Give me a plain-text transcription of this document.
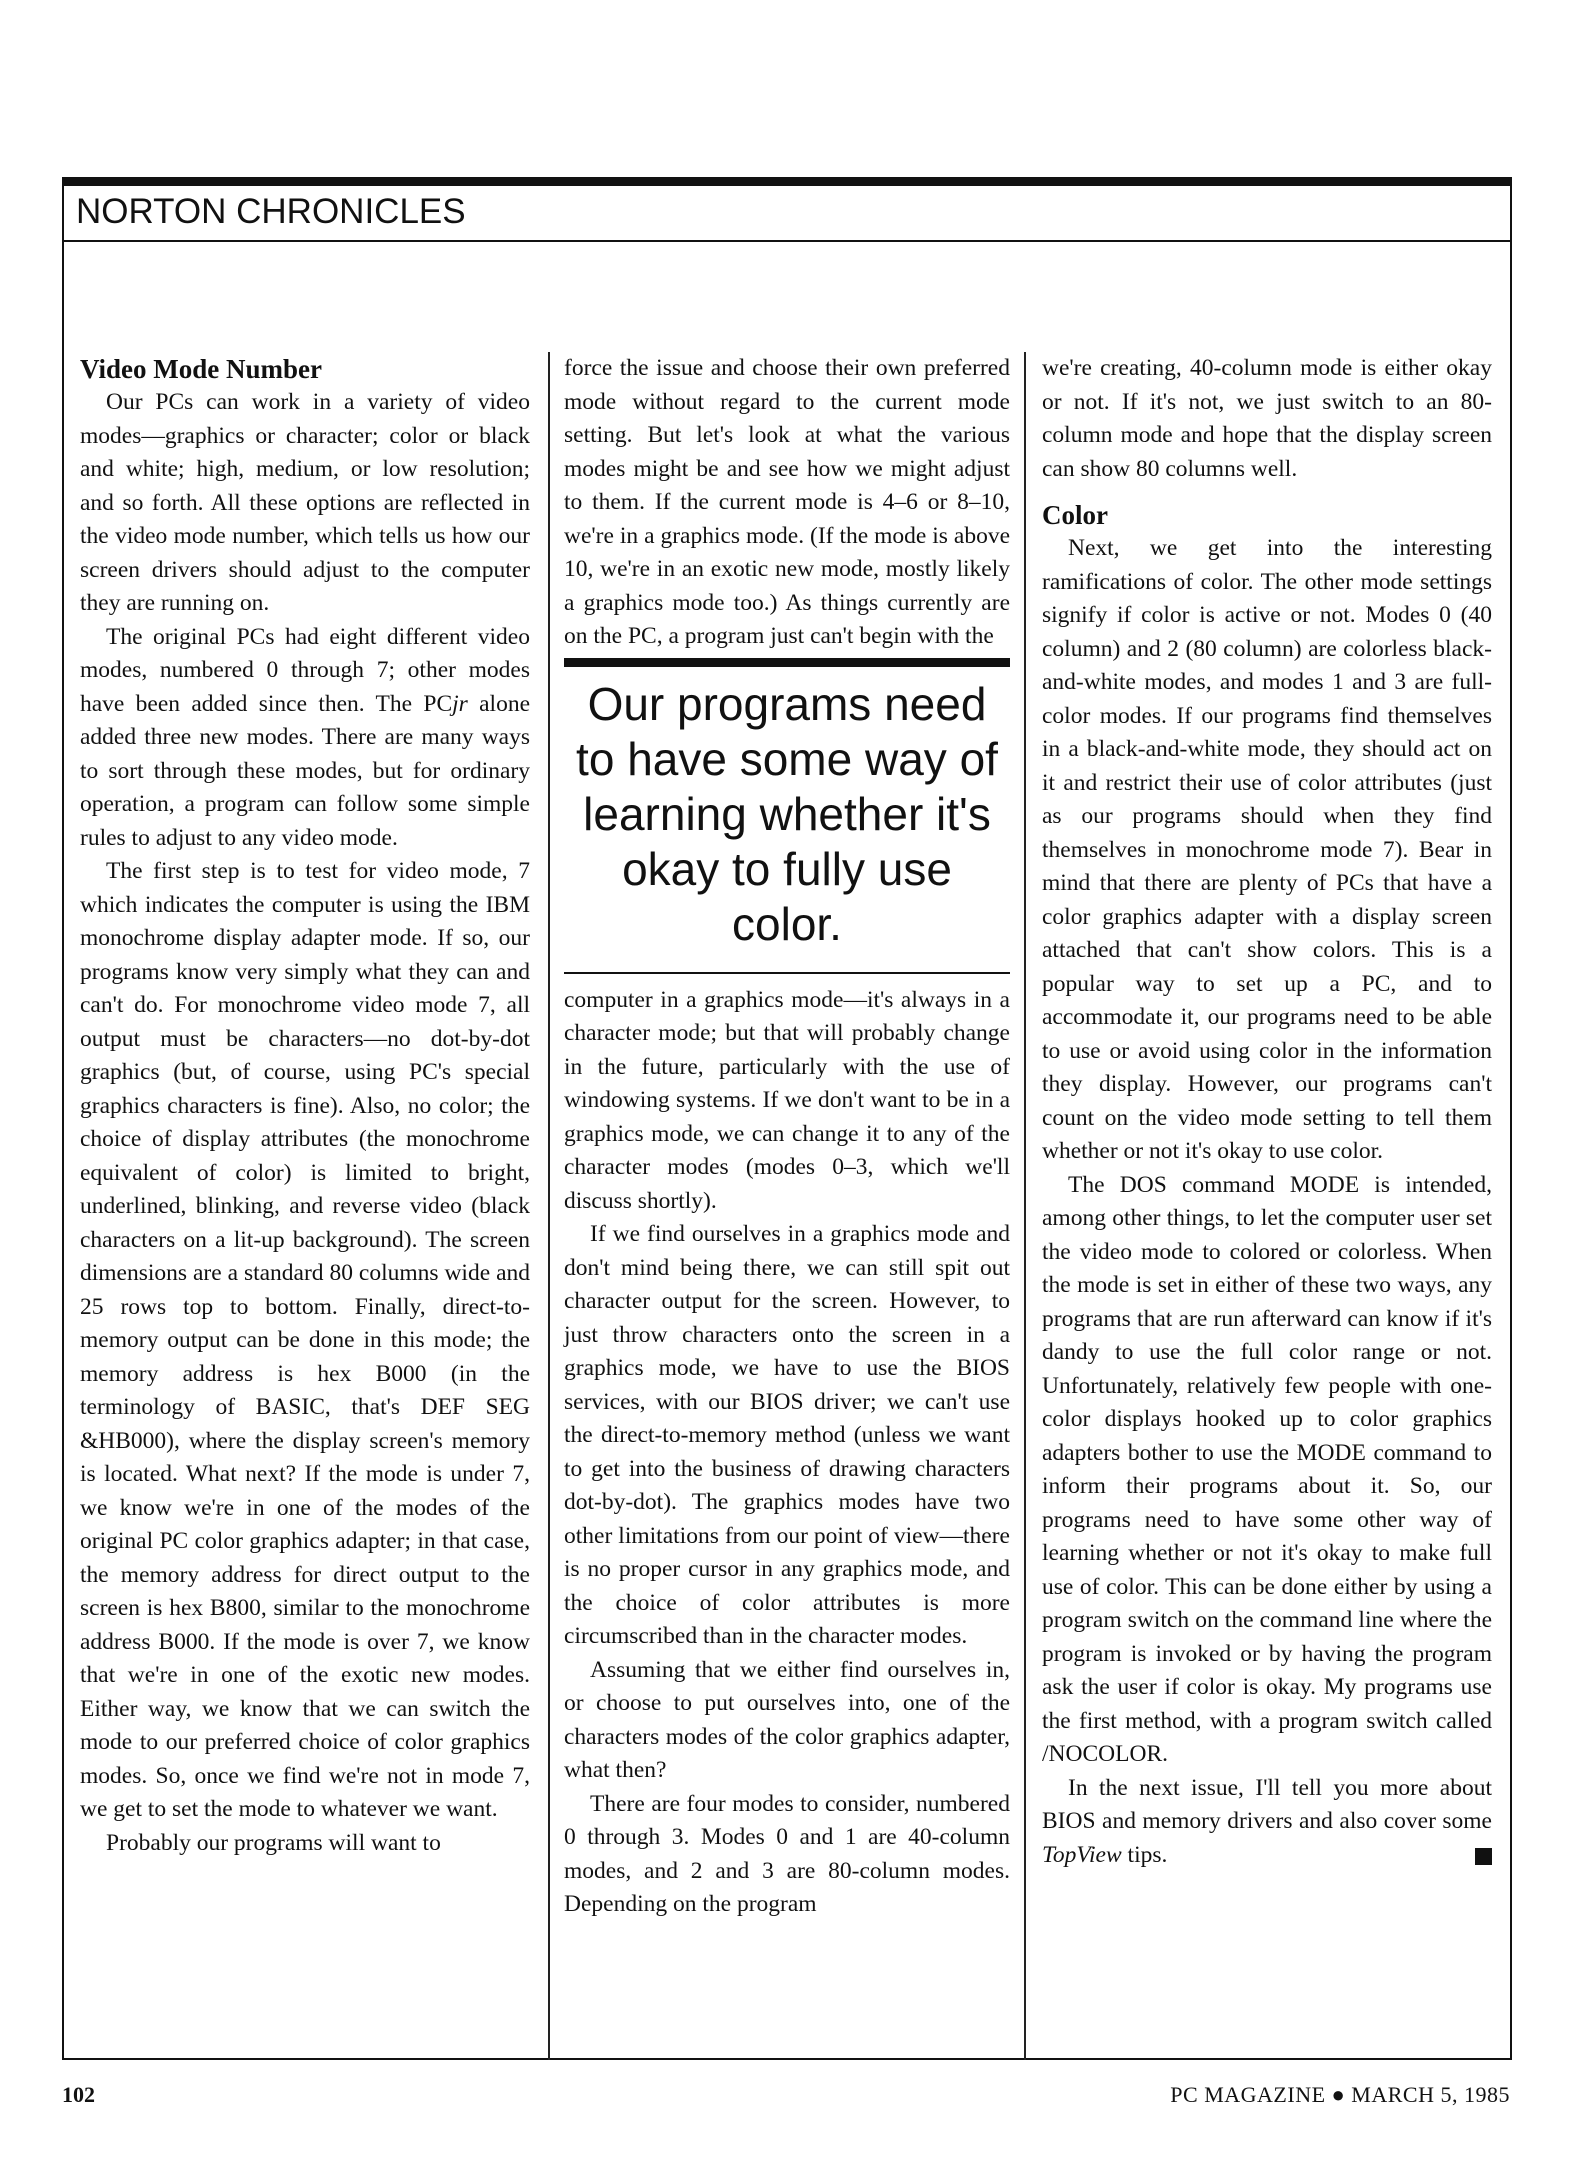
NORTON CHRONICLES
Video Mode Number

Our PCs can work in a variety of video modes—graphics or character; color or black and white; high, medium, or low resolution; and so forth. All these options are reflected in the video mode number, which tells us how our screen drivers should adjust to the computer they are running on.

The original PCs had eight different video modes, numbered 0 through 7; other modes have been added since then. The PCjr alone added three new modes. There are many ways to sort through these modes, but for ordinary operation, a program can follow some simple rules to adjust to any video mode.

The first step is to test for video mode, 7 which indicates the computer is using the IBM monochrome display adapter mode. If so, our programs know very simply what they can and can't do. For monochrome video mode 7, all output must be characters—no dot-by-dot graphics (but, of course, using PC's special graphics characters is fine). Also, no color; the choice of display attributes (the monochrome equivalent of color) is limited to bright, underlined, blinking, and reverse video (black characters on a lit-up background). The screen dimensions are a standard 80 columns wide and 25 rows top to bottom. Finally, direct-to-memory output can be done in this mode; the memory address is hex B000 (in the terminology of BASIC, that's DEF SEG &HB000), where the display screen's memory is located. What next? If the mode is under 7, we know we're in one of the modes of the original PC color graphics adapter; in that case, the memory address for direct output to the screen is hex B800, similar to the monochrome address B000. If the mode is over 7, we know that we're in one of the exotic new modes. Either way, we know that we can switch the mode to our preferred choice of color graphics modes. So, once we find we're not in mode 7, we get to set the mode to whatever we want.

Probably our programs will want to

force the issue and choose their own preferred mode without regard to the current mode setting. But let's look at what the various modes might be and see how we might adjust to them. If the current mode is 4–6 or 8–10, we're in a graphics mode. (If the mode is above 10, we're in an exotic new mode, mostly likely a graphics mode too.) As things currently are on the PC, a program just can't begin with the

Our programs need to have some way of learning whether it's okay to fully use color.

computer in a graphics mode—it's always in a character mode; but that will probably change in the future, particularly with the use of windowing systems. If we don't want to be in a graphics mode, we can change it to any of the character modes (modes 0–3, which we'll discuss shortly).

If we find ourselves in a graphics mode and don't mind being there, we can still spit out character output for the screen. However, to just throw characters onto the screen in a graphics mode, we have to use the BIOS services, with our BIOS driver; we can't use the direct-to-memory method (unless we want to get into the business of drawing characters dot-by-dot). The graphics modes have two other limitations from our point of view—there is no proper cursor in any graphics mode, and the choice of color attributes is more circumscribed than in the character modes.

Assuming that we either find ourselves in, or choose to put ourselves into, one of the characters modes of the color graphics adapter, what then?

There are four modes to consider, numbered 0 through 3. Modes 0 and 1 are 40-column modes, and 2 and 3 are 80-column modes. Depending on the program

we're creating, 40-column mode is either okay or not. If it's not, we just switch to an 80-column mode and hope that the display screen can show 80 columns well.

Color

Next, we get into the interesting ramifications of color. The other mode settings signify if color is active or not. Modes 0 (40 column) and 2 (80 column) are colorless black-and-white modes, and modes 1 and 3 are full-color modes. If our programs find themselves in a black-and-white mode, they should act on it and restrict their use of color attributes (just as our programs should when they find themselves in monochrome mode 7). Bear in mind that there are plenty of PCs that have a color graphics adapter with a display screen attached that can't show colors. This is a popular way to set up a PC, and to accommodate it, our programs need to be able to use or avoid using color in the information they display. However, our programs can't count on the video mode setting to tell them whether or not it's okay to use color.

The DOS command MODE is intended, among other things, to let the computer user set the video mode to colored or colorless. When the mode is set in either of these two ways, any programs that are run afterward can know if it's dandy to use the full color range or not. Unfortunately, relatively few people with one-color displays hooked up to color graphics adapters bother to use the MODE command to inform their programs about it. So, our programs need to have some other way of learning whether or not it's okay to make full use of color. This can be done either by using a program switch on the command line where the program is invoked or by having the program ask the user if color is okay. My programs use the first method, with a program switch called /NOCOLOR.

In the next issue, I'll tell you more about BIOS and memory drivers and also cover some TopView tips.

102	PC MAGAZINE ● MARCH 5, 1985
